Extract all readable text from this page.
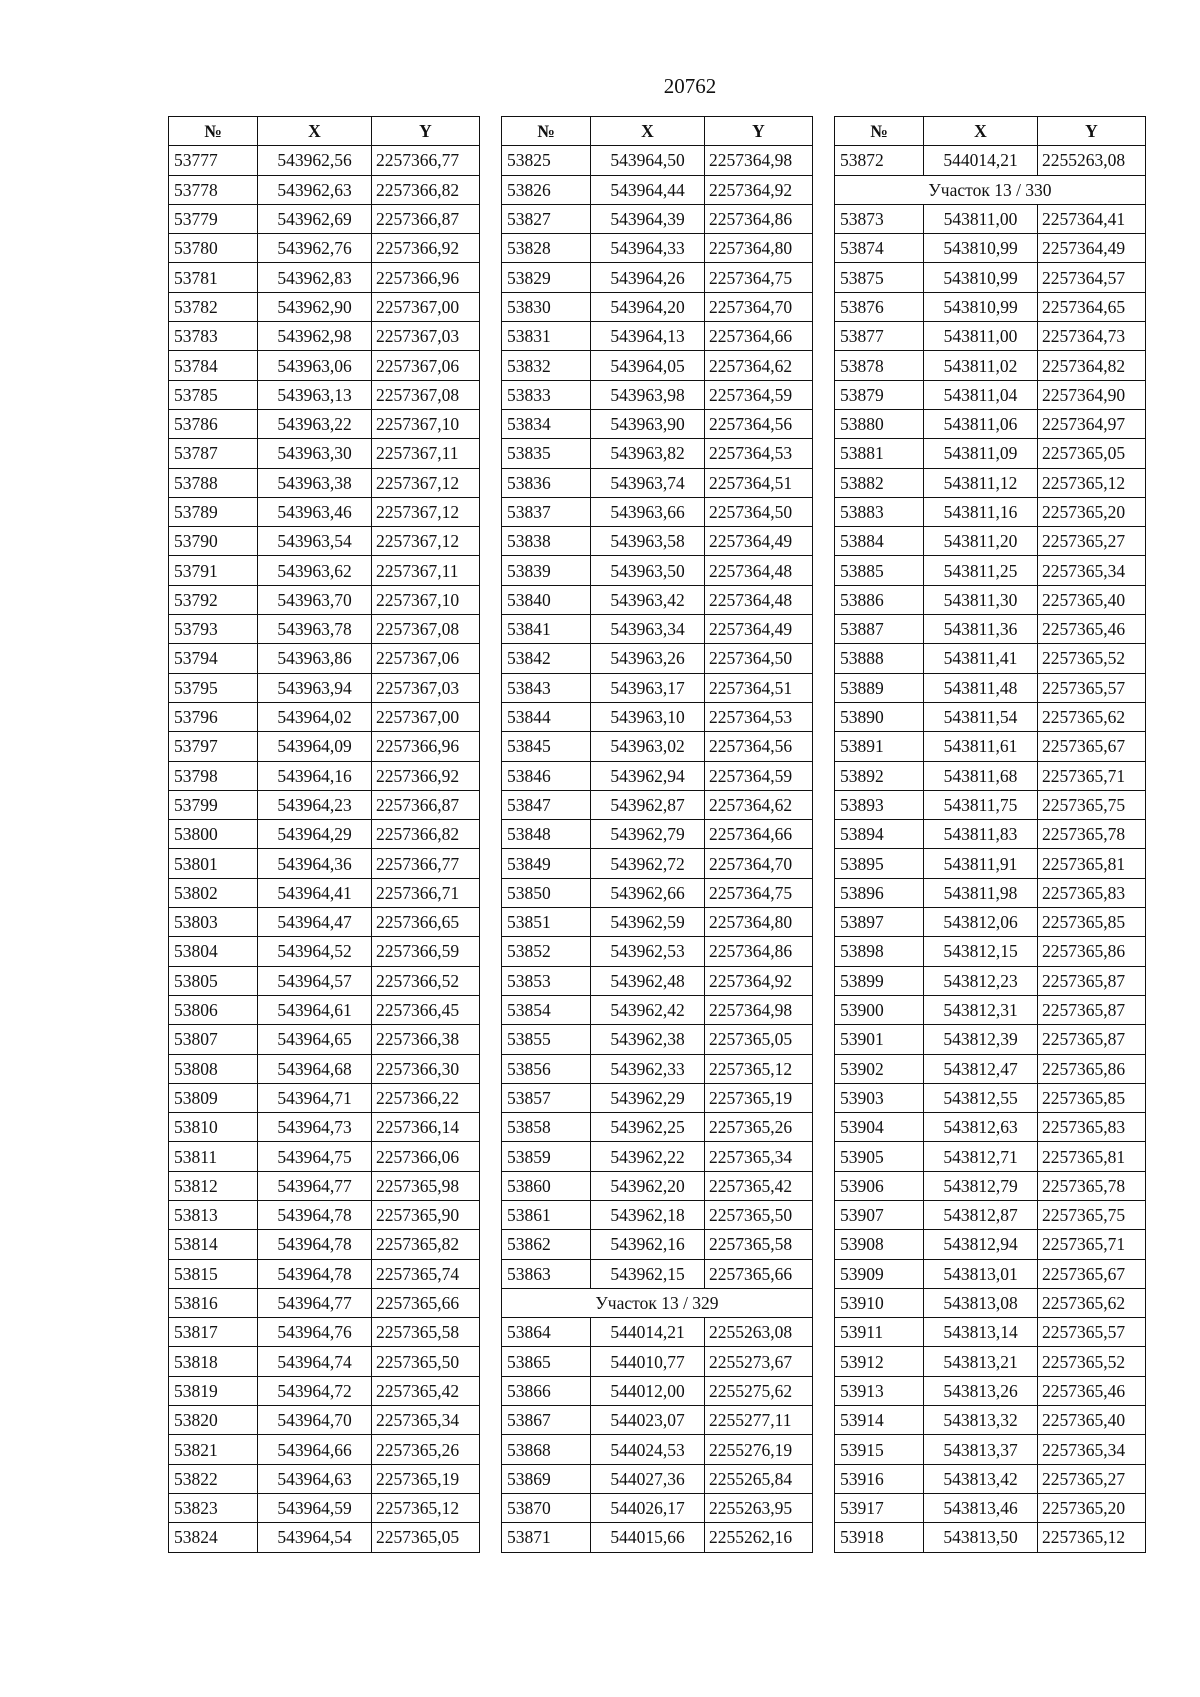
20762
№	X	Y
53777	543962,56	2257366,77
53778	543962,63	2257366,82
53779	543962,69	2257366,87
53780	543962,76	2257366,92
53781	543962,83	2257366,96
53782	543962,90	2257367,00
53783	543962,98	2257367,03
53784	543963,06	2257367,06
53785	543963,13	2257367,08
53786	543963,22	2257367,10
53787	543963,30	2257367,11
53788	543963,38	2257367,12
53789	543963,46	2257367,12
53790	543963,54	2257367,12
53791	543963,62	2257367,11
53792	543963,70	2257367,10
53793	543963,78	2257367,08
53794	543963,86	2257367,06
53795	543963,94	2257367,03
53796	543964,02	2257367,00
53797	543964,09	2257366,96
53798	543964,16	2257366,92
53799	543964,23	2257366,87
53800	543964,29	2257366,82
53801	543964,36	2257366,77
53802	543964,41	2257366,71
53803	543964,47	2257366,65
53804	543964,52	2257366,59
53805	543964,57	2257366,52
53806	543964,61	2257366,45
53807	543964,65	2257366,38
53808	543964,68	2257366,30
53809	543964,71	2257366,22
53810	543964,73	2257366,14
53811	543964,75	2257366,06
53812	543964,77	2257365,98
53813	543964,78	2257365,90
53814	543964,78	2257365,82
53815	543964,78	2257365,74
53816	543964,77	2257365,66
53817	543964,76	2257365,58
53818	543964,74	2257365,50
53819	543964,72	2257365,42
53820	543964,70	2257365,34
53821	543964,66	2257365,26
53822	543964,63	2257365,19
53823	543964,59	2257365,12
53824	543964,54	2257365,05
№	X	Y
53825	543964,50	2257364,98
53826	543964,44	2257364,92
53827	543964,39	2257364,86
53828	543964,33	2257364,80
53829	543964,26	2257364,75
53830	543964,20	2257364,70
53831	543964,13	2257364,66
53832	543964,05	2257364,62
53833	543963,98	2257364,59
53834	543963,90	2257364,56
53835	543963,82	2257364,53
53836	543963,74	2257364,51
53837	543963,66	2257364,50
53838	543963,58	2257364,49
53839	543963,50	2257364,48
53840	543963,42	2257364,48
53841	543963,34	2257364,49
53842	543963,26	2257364,50
53843	543963,17	2257364,51
53844	543963,10	2257364,53
53845	543963,02	2257364,56
53846	543962,94	2257364,59
53847	543962,87	2257364,62
53848	543962,79	2257364,66
53849	543962,72	2257364,70
53850	543962,66	2257364,75
53851	543962,59	2257364,80
53852	543962,53	2257364,86
53853	543962,48	2257364,92
53854	543962,42	2257364,98
53855	543962,38	2257365,05
53856	543962,33	2257365,12
53857	543962,29	2257365,19
53858	543962,25	2257365,26
53859	543962,22	2257365,34
53860	543962,20	2257365,42
53861	543962,18	2257365,50
53862	543962,16	2257365,58
53863	543962,15	2257365,66
Участок 13 / 329		
53864	544014,21	2255263,08
53865	544010,77	2255273,67
53866	544012,00	2255275,62
53867	544023,07	2255277,11
53868	544024,53	2255276,19
53869	544027,36	2255265,84
53870	544026,17	2255263,95
53871	544015,66	2255262,16
№	X	Y
53872	544014,21	2255263,08
Участок 13 / 330		
53873	543811,00	2257364,41
53874	543810,99	2257364,49
53875	543810,99	2257364,57
53876	543810,99	2257364,65
53877	543811,00	2257364,73
53878	543811,02	2257364,82
53879	543811,04	2257364,90
53880	543811,06	2257364,97
53881	543811,09	2257365,05
53882	543811,12	2257365,12
53883	543811,16	2257365,20
53884	543811,20	2257365,27
53885	543811,25	2257365,34
53886	543811,30	2257365,40
53887	543811,36	2257365,46
53888	543811,41	2257365,52
53889	543811,48	2257365,57
53890	543811,54	2257365,62
53891	543811,61	2257365,67
53892	543811,68	2257365,71
53893	543811,75	2257365,75
53894	543811,83	2257365,78
53895	543811,91	2257365,81
53896	543811,98	2257365,83
53897	543812,06	2257365,85
53898	543812,15	2257365,86
53899	543812,23	2257365,87
53900	543812,31	2257365,87
53901	543812,39	2257365,87
53902	543812,47	2257365,86
53903	543812,55	2257365,85
53904	543812,63	2257365,83
53905	543812,71	2257365,81
53906	543812,79	2257365,78
53907	543812,87	2257365,75
53908	543812,94	2257365,71
53909	543813,01	2257365,67
53910	543813,08	2257365,62
53911	543813,14	2257365,57
53912	543813,21	2257365,52
53913	543813,26	2257365,46
53914	543813,32	2257365,40
53915	543813,37	2257365,34
53916	543813,42	2257365,27
53917	543813,46	2257365,20
53918	543813,50	2257365,12
